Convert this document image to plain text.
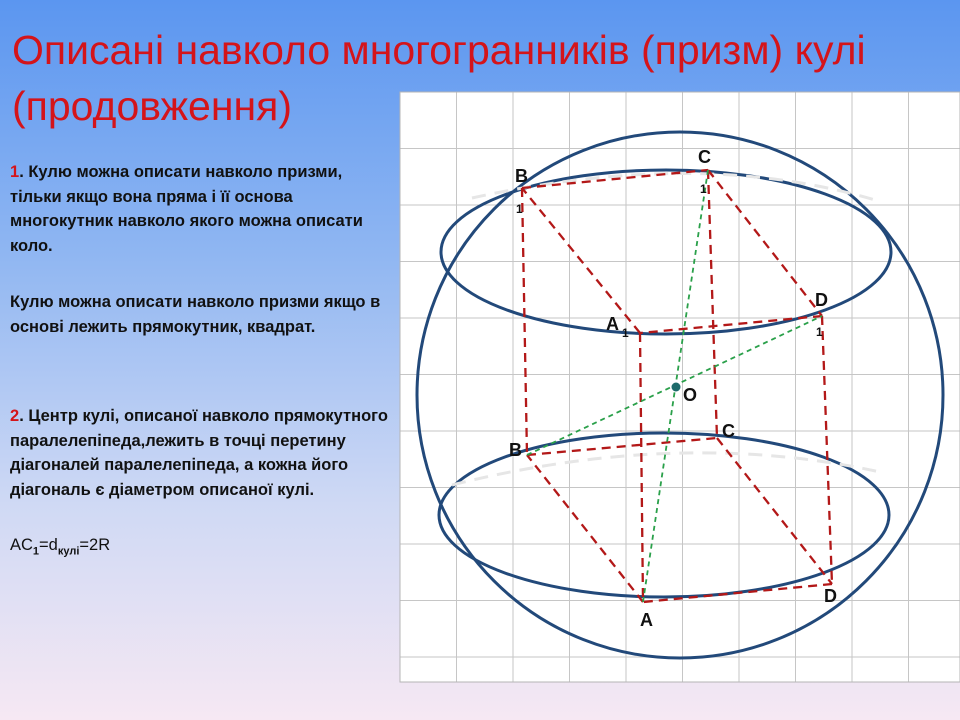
Описані навколо многогранників (призм) кулі (продовження)

1. Кулю можна описати навколо призми, тільки якщо вона пряма і її основа многокутник навколо якого можна описати коло.

Кулю можна описати навколо призми якщо в основі лежить прямокутник, квадрат.

2. Центр кулі, описаної навколо прямокутного паралелепіпеда,лежить в точці перетину діагоналей паралелепіпеда, а кожна його діагональ є діаметром описаної кулі.

$AC_1=d_{кулі}=2R$

B
1
C
1
D
1
A 1
O
B
C
D
A
